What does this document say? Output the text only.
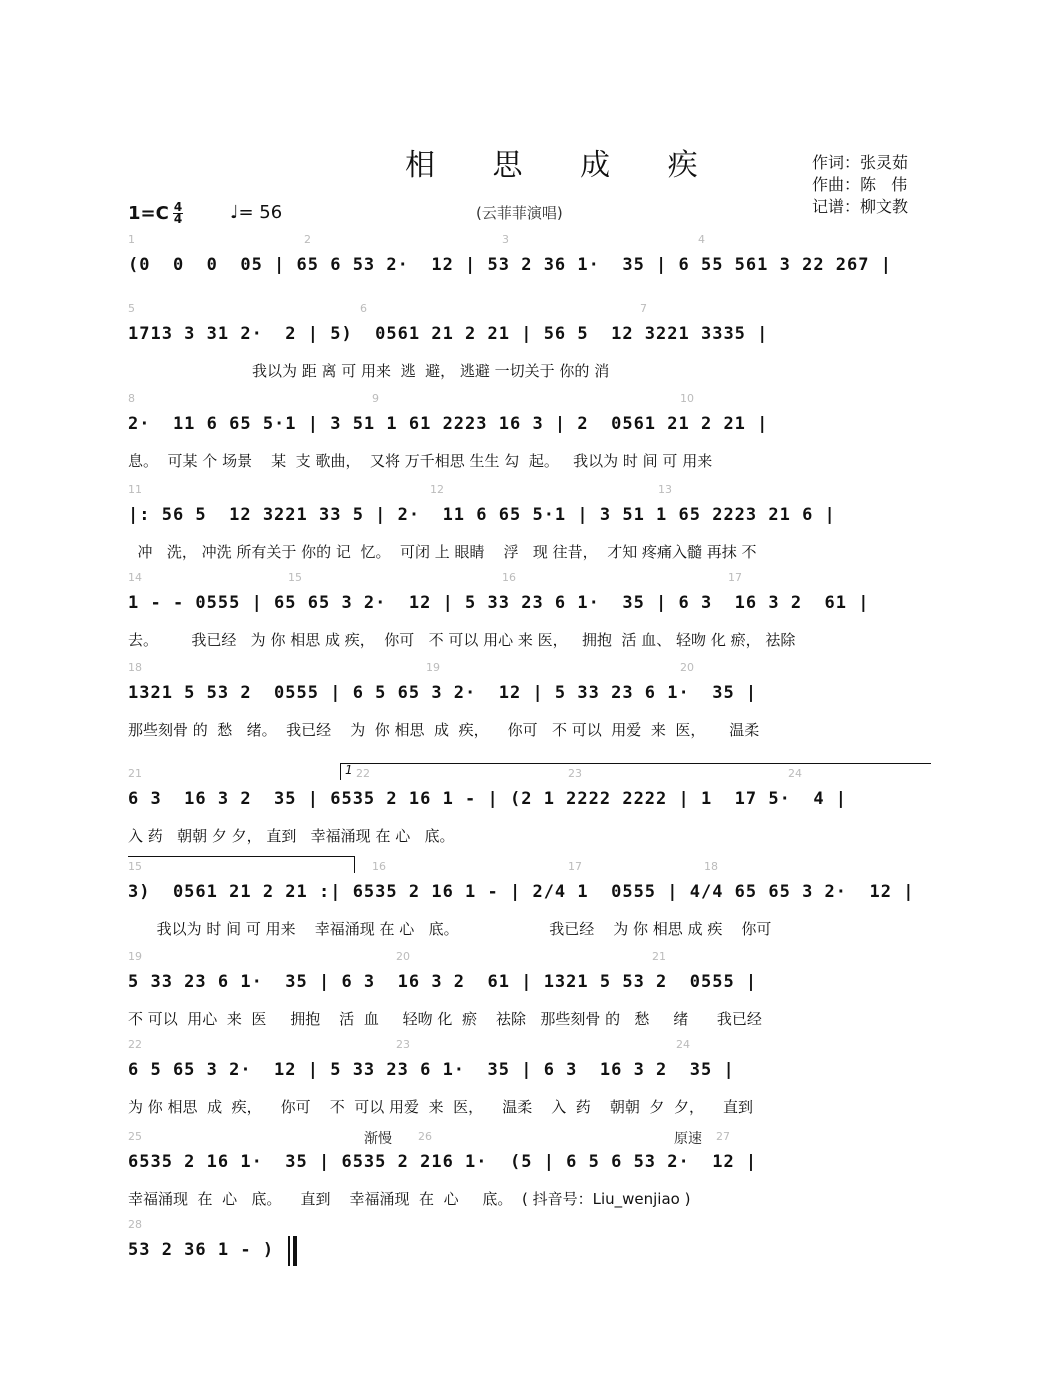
相 思 成 疾	作词：张灵茹
作曲：陈   伟
记谱：柳文教
(云菲菲演唱)
$1=C \frac{4}{4}$	♩= 56
1	2	3	4
(0  0  0  05 | 65 6 53 2·  12 | 53 2 36 1·  35 | 6 55 561 3 22 267 |
5	6	7
1713 3 31 2·  2 | 5)  0561 21 2 21 | 56 5  12 3221 3335 |
我以为 距 离 可 用来  逃  避， 逃避 一切关于 你的 消
8	9	10
2·  11 6 65 5·1 | 3 51 1 61 2223 16 3 | 2  0561 21 2 21 |
息。  可某 个 场景    某  支 歌曲，  又将 万千相思 生生 勾  起。   我以为 时 间 可 用来
11	12	13
|: 56 5  12 3221 33 5 | 2·  11 6 65 5·1 | 3 51 1 65 2223 21 6 |
冲   洗， 冲洗 所有关于 你的 记  忆。  可闭 上 眼睛    浮   现 往昔，  才知 疼痛入髓 再抹 不
14	15	16	17
1 - - 0555 | 65 65 3 2·  12 | 5 33 23 6 1·  35 | 6 3  16 3 2  61 |
去。       我已经   为 你 相思 成 疾，  你可   不 可以 用心 来 医，   拥抱  活 血、 轻吻 化 瘀， 祛除
18	19	20
1321 5 53 2  0555 | 6 5 65 3 2·  12 | 5 33 23 6 1·  35 |
那些刻骨 的  愁   绪。  我已经    为  你 相思  成  疾，    你可   不 可以  用爱  来  医，     温柔
21	22	23	24
1
6 3  16 3 2  35 | 6535 2 16 1 - | (2 1 2222 2222 | 1  17 5·  4 |
入 药   朝朝 夕 夕， 直到   幸福涌现 在 心   底。
15	16	17	18
3)  0561 21 2 21 :| 6535 2 16 1 - | 2/4 1  0555 | 4/4 65 65 3 2·  12 |
我以为 时 间 可 用来    幸福涌现 在 心   底。                   我已经    为 你 相思 成 疾    你可
19	20	21
5 33 23 6 1·  35 | 6 3  16 3 2  61 | 1321 5 53 2  0555 |
不 可以  用心  来  医     拥抱    活  血     轻吻 化  瘀    祛除   那些刻骨 的   愁     绪      我已经
22	23	24
6 5 65 3 2·  12 | 5 33 23 6 1·  35 | 6 3  16 3 2  35 |
为 你 相思  成  疾，    你可    不  可以 用爱  来  医，    温柔    入  药    朝朝  夕  夕，    直到
25	26	27
渐慢	原速
6535 2 16 1·  35 | 6535 2 216 1·  (5 | 6 5 6 53 2·  12 |
幸福涌现  在  心   底。    直到    幸福涌现  在  心     底。  ( 抖音号：Liu_wenjiao )
28
53 2 36 1 - )
